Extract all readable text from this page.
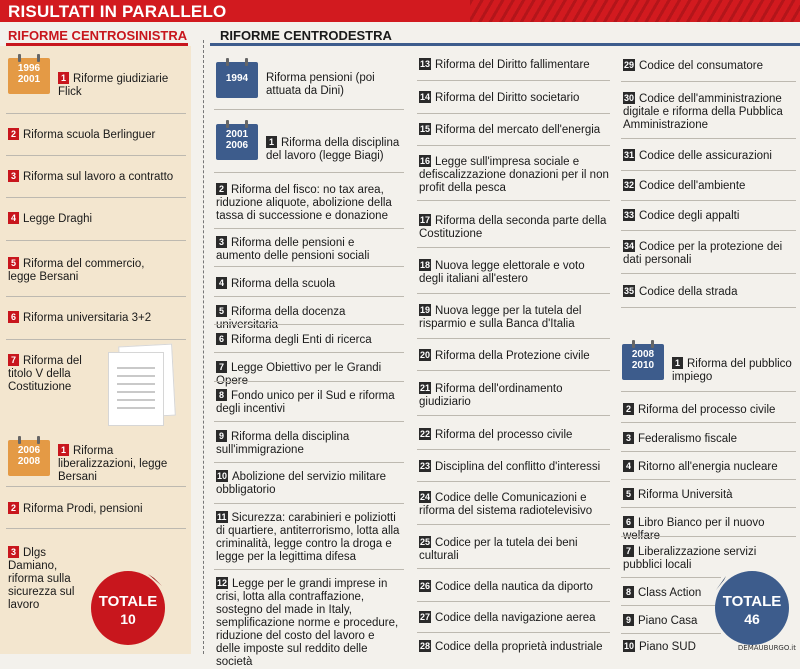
RISULTATI IN PARALLELO
RIFORME CENTROSINISTRA	RIFORME CENTRODESTRA
1996
2001	1 Riforme giudiziarie Flick
2 Riforma scuola Berlinguer
3 Riforma sul lavoro a contratto
4 Legge Draghi
5 Riforma del commercio, legge Bersani
6 Riforma universitaria 3+2
7 Riforma del titolo V della Costituzione
2006
2008
1 Riforma liberalizzazioni, legge Bersani
2 Riforma Prodi, pensioni
3 Dlgs Damiano, riforma sulla sicurezza sul lavoro	TOTALE
10
1994	Riforma pensioni (poi attuata da Dini)
2001
2006	1 Riforma della disciplina del lavoro (legge Biagi)
2 Riforma del fisco: no tax area, riduzione aliquote, abolizione della tassa di successione e donazione
3 Riforma delle pensioni e aumento delle pensioni sociali
4 Riforma della scuola
5 Riforma della docenza universitaria
6 Riforma degli Enti di ricerca
7 Legge Obiettivo per le Grandi Opere
8 Fondo unico per il Sud e riforma degli incentivi
9 Riforma della disciplina sull'immigrazione
10 Abolizione del servizio militare obbligatorio
11 Sicurezza: carabinieri e poliziotti di quartiere, antiterrorismo, lotta alla criminalità, legge contro la droga e legge per la legittima difesa
12 Legge per le grandi imprese in crisi, lotta alla contraffazione, sostegno del made in Italy, semplificazione norme e procedure, riduzione del costo del lavoro e delle imposte sul reddito delle società
13 Riforma del Diritto fallimentare
14 Riforma del Diritto societario
15 Riforma del mercato dell'energia
16 Legge sull'impresa sociale e defiscalizzazione donazioni per il non profit della pesca
17 Riforma della seconda parte della Costituzione
18 Nuova legge elettorale e voto degli italiani all'estero
19 Nuova legge per la tutela del risparmio e sulla Banca d'Italia
20 Riforma della Protezione civile
21 Riforma dell'ordinamento giudiziario
22 Riforma del processo civile
23 Disciplina del conflitto d'interessi
24 Codice delle Comunicazioni e riforma del sistema radiotelevisivo
25 Codice per la tutela dei beni culturali
26 Codice della nautica da diporto
27 Codice della navigazione aerea
28 Codice della proprietà industriale
29 Codice del consumatore
30 Codice dell'amministrazione digitale e riforma della Pubblica Amministrazione
31 Codice delle assicurazioni
32 Codice dell'ambiente
33 Codice degli appalti
34 Codice per la protezione dei dati personali
35 Codice della strada
2008
2010	1 Riforma del pubblico impiego
2 Riforma del processo civile
3 Federalismo fiscale
4 Ritorno all'energia nucleare
5 Riforma Università
6 Libro Bianco per il nuovo welfare
7 Liberalizzazione servizi pubblici locali
8 Class Action
9 Piano Casa
10 Piano SUD
TOTALE
46
DEMAUBURGO.it
